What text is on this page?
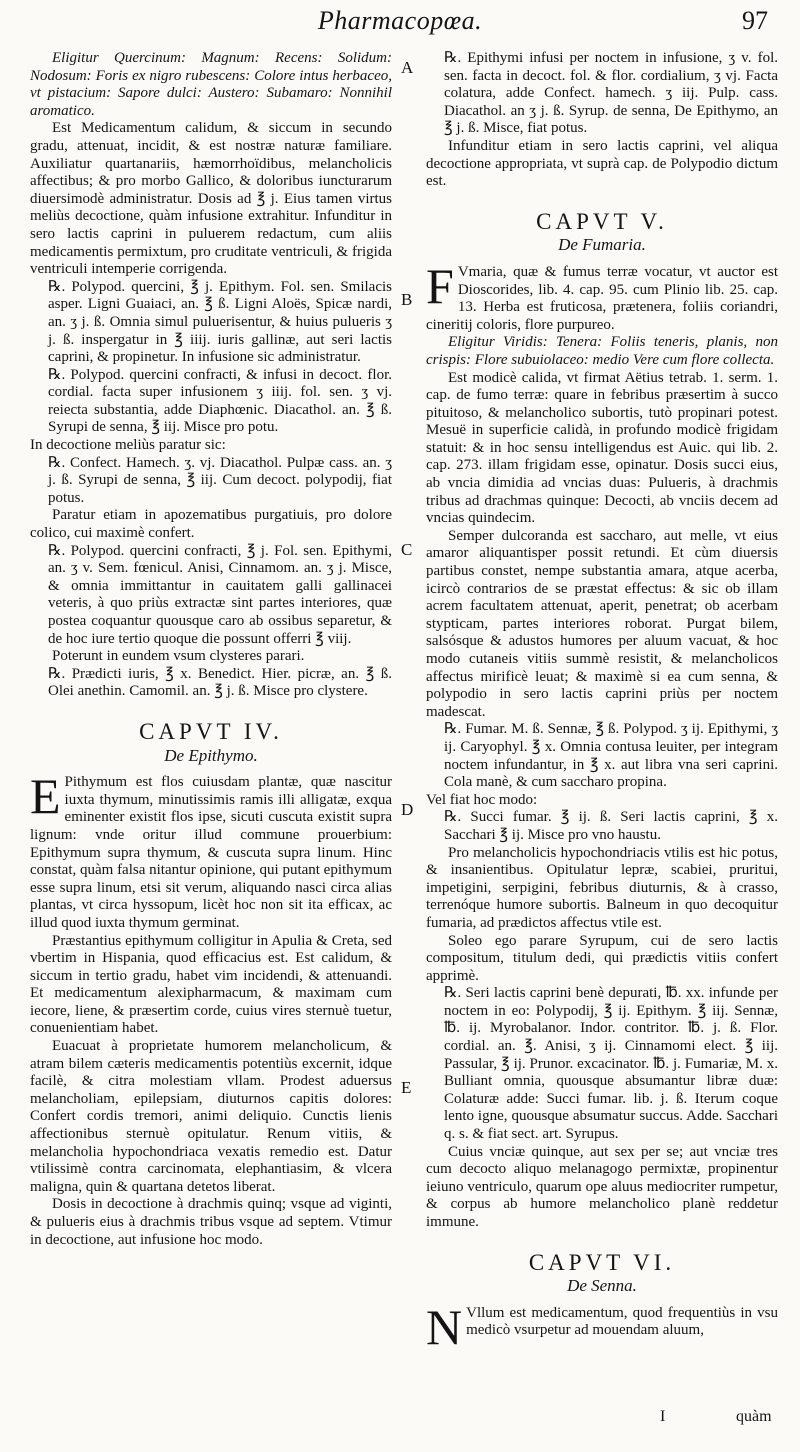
Pharmacopœa.	97

Eligitur Quercinum: Magnum: Recens: Solidum: Nodosum: Foris ex nigro rubescens: Colore intus herbaceo, vt pistacium: Sapore dulci: Austero: Subamaro: Nonnihil aromatico.

Est Medicamentum calidum, & siccum in secundo gradu, attenuat, incidit, & est nostræ naturæ familiare. Auxiliatur quartanariis, hæmorrhoïdibus, melancholicis affectibus; & pro morbo Gallico, & doloribus iuncturarum diuersimodè administratur. Dosis ad ℥ j. Eius tamen virtus meliùs decoctione, quàm infusione extrahitur. Infunditur in sero lactis caprini in puluerem redactum, cum aliis medicamentis permixtum, pro cruditate ventriculi, & frigida ventriculi intemperie corrigenda.

℞. Polypod. quercini, ℥ j. Epithym. Fol. sen. Smilacis asper. Ligni Guaiaci, an. ℥ ß. Ligni Aloës, Spicæ nardi, an. ʒ j. ß. Omnia simul puluerisentur, & huius pulueris ʒ j. ß. inspergatur in ℥ iiij. iuris gallinæ, aut seri lactis caprini, & propinetur. In infusione sic administratur.

℞. Polypod. quercini confracti, & infusi in decoct. flor. cordial. facta super infusionem ʒ iiij. fol. sen. ʒ vj. reiecta substantia, adde Diaphœnic. Diacathol. an. ℥ ß. Syrupi de senna, ℥ iij. Misce pro potu.

In decoctione meliùs paratur sic:

℞. Confect. Hamech. ʒ. vj. Diacathol. Pulpæ cass. an. ʒ j. ß. Syrupi de senna, ℥ iij. Cum decoct. polypodij, fiat potus.

Paratur etiam in apozematibus purgatiuis, pro dolore colico, cui maximè confert.

℞. Polypod. quercini confracti, ℥ j. Fol. sen. Epithymi, an. ʒ v. Sem. fœnicul. Anisi, Cinnamom. an. ʒ j. Misce, & omnia immittantur in cauitatem galli gallinacei veteris, à quo priùs extractæ sint partes interiores, quæ postea coquantur quousque caro ab ossibus separetur, & de hoc iure tertio quoque die possunt offerri ℥ viij.

Poterunt in eundem vsum clysteres parari.

℞. Prædicti iuris, ℥ x. Benedict. Hier. picræ, an. ℥ ß. Olei anethin. Camomil. an. ℥ j. ß. Misce pro clystere.

CAPVT IV.
De Epithymo.

E Pithymum est flos cuiusdam plantæ, quæ nascitur iuxta thymum, minutissimis ramis illi alligatæ, exqua eminenter existit flos ipse, sicuti cuscuta existit supra lignum: vnde oritur illud commune prouerbium: Epithymum supra thymum, & cuscuta supra linum. Hinc constat, quàm falsa nitantur opinione, qui putant epithymum esse supra linum, etsi sit verum, aliquando nasci circa alias plantas, vt circa hyssopum, licèt hoc non sit ita efficax, ac illud quod iuxta thymum germinat.

Præstantius epithymum colligitur in Apulia & Creta, sed vbertim in Hispania, quod efficacius est. Est calidum, & siccum in tertio gradu, habet vim incidendi, & attenuandi. Et medicamentum alexipharmacum, & maximam cum iecore, liene, & præsertim corde, cuius vires sternuè tuetur, conuenientiam habet.

Euacuat à proprietate humorem melancholicum, & atram bilem cæteris medicamentis potentiùs excernit, idque facilè, & citra molestiam vllam. Prodest aduersus melancholiam, epilepsiam, diuturnos capitis dolores: Confert cordis tremori, animi deliquio. Cunctis lienis affectionibus sternuè opitulatur. Renum vitiis, & melancholia hypochondriaca vexatis remedio est. Datur vtilissimè contra carcinomata, elephantiasim, & vlcera maligna, quin & quartana detetos liberat.

Dosis in decoctione à drachmis quinq; vsque ad viginti, & pulueris eius à drachmis tribus vsque ad septem. Vtimur in decoctione, aut infusione hoc modo.

℞. Epithymi infusi per noctem in infusione, ʒ v. fol. sen. facta in decoct. fol. & flor. cordialium, ʒ vj. Facta colatura, adde Confect. hamech. ʒ iij. Pulp. cass. Diacathol. an ʒ j. ß. Syrup. de senna, De Epithymo, an ℥ j. ß. Misce, fiat potus.

Infunditur etiam in sero lactis caprini, vel aliqua decoctione appropriata, vt suprà cap. de Polypodio dictum est.

CAPVT V.
De Fumaria.

F Vmaria, quæ & fumus terræ vocatur, vt auctor est Dioscorides, lib. 4. cap. 95. cum Plinio lib. 25. cap. 13. Herba est fruticosa, prætenera, foliis coriandri, cineritij coloris, flore purpureo.

Eligitur Viridis: Tenera: Foliis teneris, planis, non crispis: Flore subuiolaceo: medio Vere cum flore collecta.

Est modicè calida, vt firmat Aëtius tetrab. 1. serm. 1. cap. de fumo terræ: quare in febribus præsertim à succo pituitoso, & melancholico subortis, tutò propinari potest. Mesuë in superficie calidà, in profundo modicè frigidam statuit: & in hoc sensu intelligendus est Auic. qui lib. 2. cap. 273. illam frigidam esse, opinatur. Dosis succi eius, ab vncia dimidia ad vncias duas: Pulueris, à drachmis tribus ad drachmas quinque: Decocti, ab vnciis decem ad vncias quindecim.

Semper dulcoranda est saccharo, aut melle, vt eius amaror aliquantisper possit retundi. Et cùm diuersis partibus constet, nempe substantia amara, atque acerba, icircò contrarios de se præstat effectus: & sic ob illam acrem facultatem attenuat, aperit, penetrat; ob acerbam stypticam, partes interiores roborat. Purgat bilem, salsósque & adustos humores per aluum vacuat, & hoc modo cutaneis vitiis summè resistit, & melancholicos affectus mirificè leuat; & maximè si ea cum senna, & polypodio in sero lactis caprini priùs per noctem madescat.

℞. Fumar. M. ß. Sennæ, ℥ ß. Polypod. ʒ ij. Epithymi, ʒ ij. Caryophyl. ℥ x. Omnia contusa leuiter, per integram noctem infundantur, in ℥ x. aut libra vna seri caprini. Cola manè, & cum saccharo propina.

Vel fiat hoc modo:

℞. Succi fumar. ℥ ij. ß. Seri lactis caprini, ℥ x. Sacchari ℥ ij. Misce pro vno haustu.

Pro melancholicis hypochondriacis vtilis est hic potus, & insanientibus. Opitulatur lepræ, scabiei, pruritui, impetigini, serpigini, febribus diuturnis, & à crasso, terrenóque humore subortis. Balneum in quo decoquitur fumaria, ad prædictos affectus vtile est.

Soleo ego parare Syrupum, cui de sero lactis compositum, titulum dedi, qui prædictis vitiis confert apprimè.

℞. Seri lactis caprini benè depurati, ℔. xx. infunde per noctem in eo: Polypodij, ℥ ij. Epithym. ℥ iij. Sennæ, ℔. ij. Myrobalanor. Indor. contritor. ℔. j. ß. Flor. cordial. an. ℥. Anisi, ʒ ij. Cinnamomi elect. ℥ iij. Passular, ℥ ij. Prunor. excacinator. ℔. j. Fumariæ, M. x. Bulliant omnia, quousque absumantur libræ duæ: Colaturæ adde: Succi fumar. lib. j. ß. Iterum coque lento igne, quousque absumatur succus. Adde. Sacchari q. s. & fiat sect. art. Syrupus.

Cuius vnciæ quinque, aut sex per se; aut vnciæ tres cum decocto aliquo melanagogo permixtæ, propinentur ieiuno ventriculo, quarum ope aluus mediocriter rumpetur, & corpus ab humore melancholico planè reddetur immune.

CAPVT VI.
De Senna.

N Vllum est medicamentum, quod frequentiùs in vsu medicò vsurpetur ad mouendam aluum,

A
B
C
D
E
I	quàm
